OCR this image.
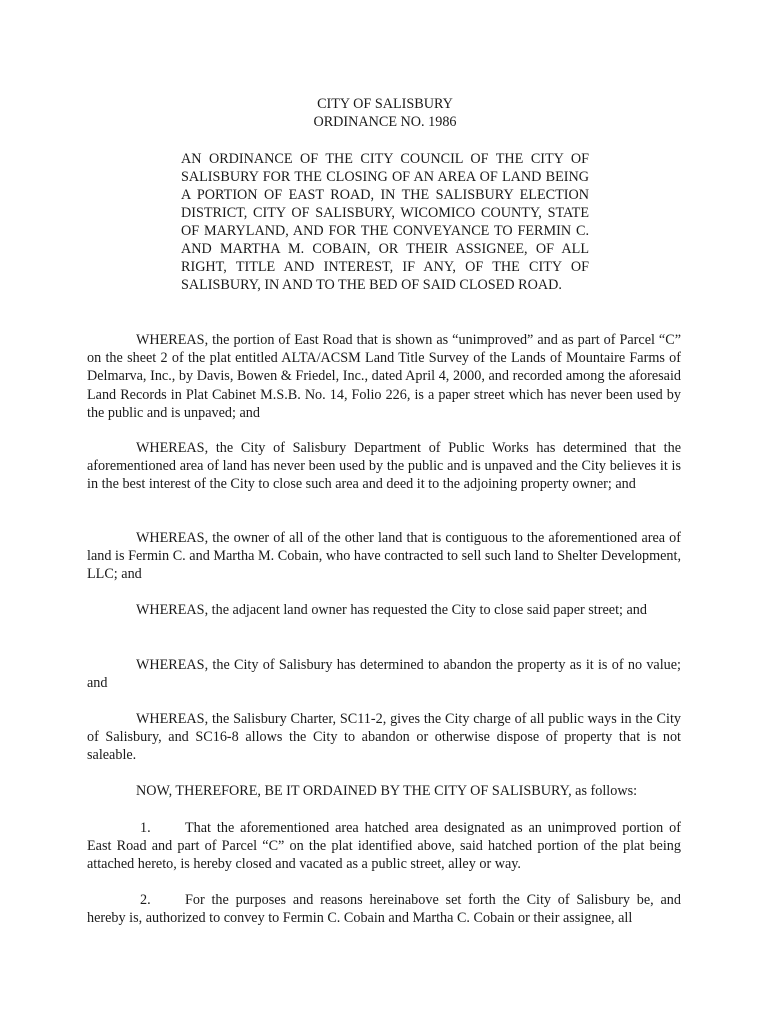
CITY OF SALISBURY
ORDINANCE NO. 1986
AN ORDINANCE OF THE CITY COUNCIL OF THE CITY OF SALISBURY FOR THE CLOSING OF AN AREA OF LAND BEING A PORTION OF EAST ROAD, IN THE SALISBURY ELECTION DISTRICT, CITY OF SALISBURY, WICOMICO COUNTY, STATE OF MARYLAND, AND FOR THE CONVEYANCE TO FERMIN C. AND MARTHA M. COBAIN, OR THEIR ASSIGNEE, OF ALL RIGHT, TITLE AND INTEREST, IF ANY, OF THE CITY OF SALISBURY, IN AND TO THE BED OF SAID CLOSED ROAD.
WHEREAS, the portion of East Road that is shown as “unimproved” and as part of Parcel “C” on the sheet 2 of the plat entitled ALTA/ACSM Land Title Survey of the Lands of Mountaire Farms of Delmarva, Inc., by Davis, Bowen & Friedel, Inc., dated April 4, 2000, and recorded among the aforesaid Land Records in Plat Cabinet M.S.B. No. 14, Folio 226, is a paper street which has never been used by the public and is unpaved; and
WHEREAS, the City of Salisbury Department of Public Works has determined that the aforementioned area of land has never been used by the public and is unpaved and the City believes it is in the best interest of the City to close such area and deed it to the adjoining property owner; and
WHEREAS, the owner of all of the other land that is contiguous to the aforementioned area of land is Fermin C. and Martha M. Cobain, who have contracted to sell such land to Shelter Development, LLC; and
WHEREAS, the adjacent land owner has requested the City to close said paper street; and
WHEREAS, the City of Salisbury has determined to abandon the property as it is of no value; and
WHEREAS, the Salisbury Charter, SC11-2, gives the City charge of all public ways in the City of Salisbury, and SC16-8 allows the City to abandon or otherwise dispose of property that is not saleable.
NOW, THEREFORE, BE IT ORDAINED BY THE CITY OF SALISBURY, as follows:
1. That the aforementioned area hatched area designated as an unimproved portion of East Road and part of Parcel “C” on the plat identified above, said hatched portion of the plat being attached hereto, is hereby closed and vacated as a public street, alley or way.
2. For the purposes and reasons hereinabove set forth the City of Salisbury be, and hereby is, authorized to convey to Fermin C. Cobain and Martha C. Cobain or their assignee, all
